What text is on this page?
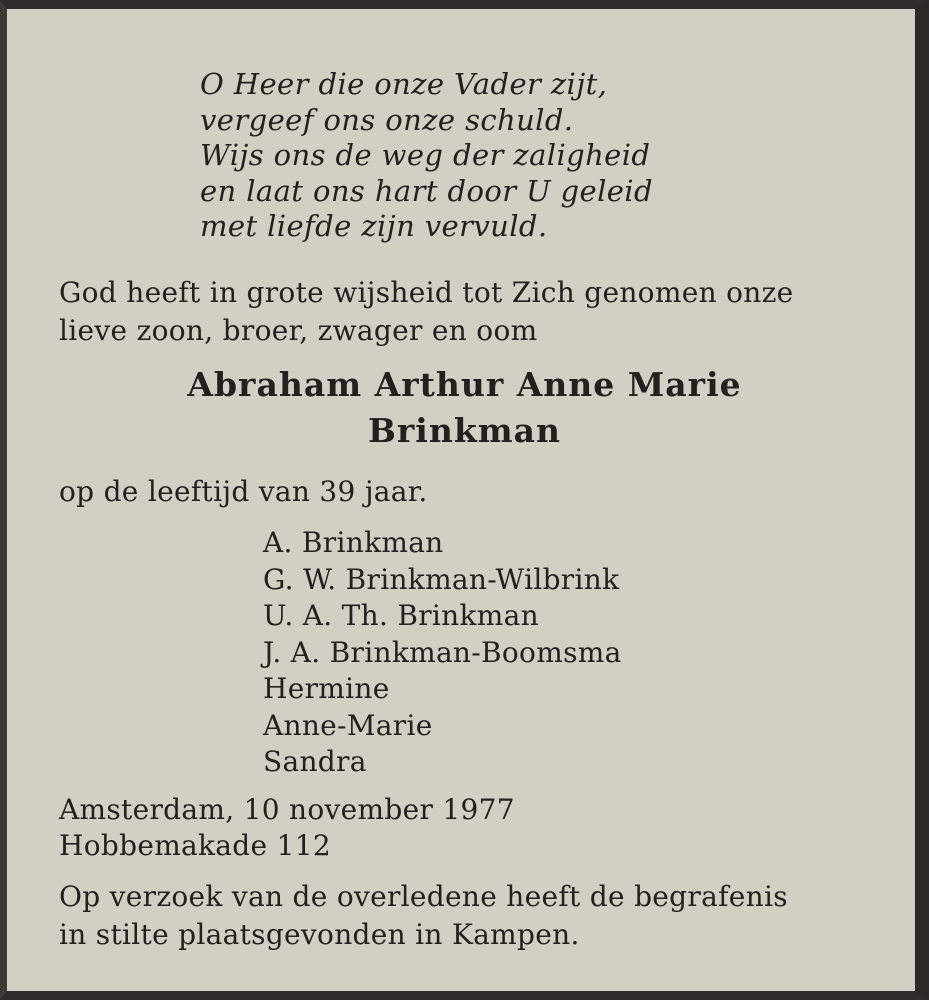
O Heer die onze Vader zijt,
vergeef ons onze schuld.
Wijs ons de weg der zaligheid
en laat ons hart door U geleid
met liefde zijn vervuld.
God heeft in grote wijsheid tot Zich genomen onze
lieve zoon, broer, zwager en oom
Abraham Arthur Anne Marie
Brinkman
op de leeftijd van 39 jaar.
A. Brinkman
G. W. Brinkman-Wilbrink
U. A. Th. Brinkman
J. A. Brinkman-Boomsma
Hermine
Anne-Marie
Sandra
Amsterdam, 10 november 1977
Hobbemakade 112
Op verzoek van de overledene heeft de begrafenis
in stilte plaatsgevonden in Kampen.
